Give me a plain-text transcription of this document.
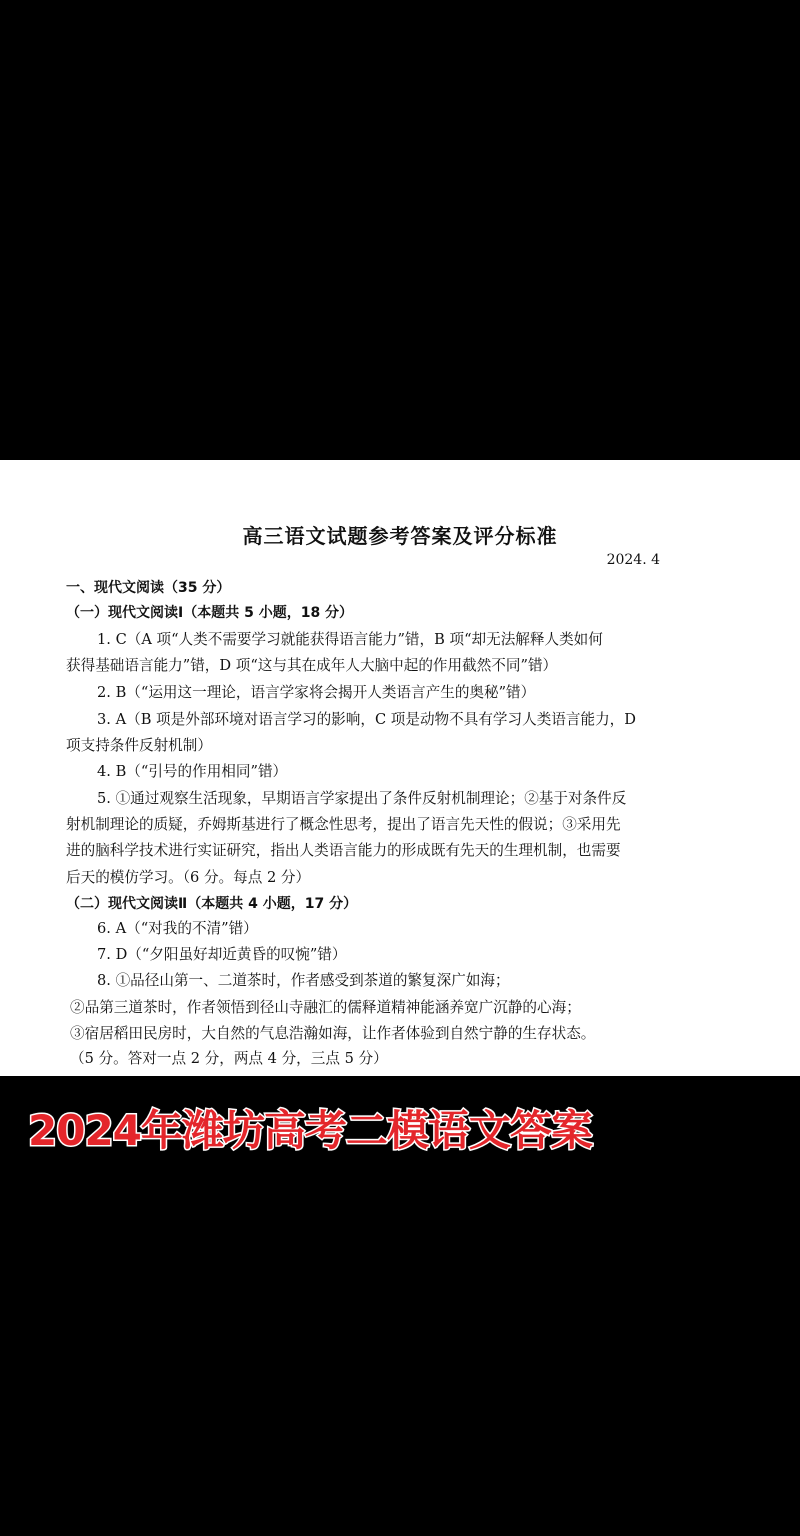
高三语文试题参考答案及评分标准
2024. 4
一、现代文阅读（35 分）
（一）现代文阅读Ⅰ（本题共 5 小题，18 分）
1. C（A 项“人类不需要学习就能获得语言能力”错，B 项“却无法解释人类如何
获得基础语言能力”错，D 项“这与其在成年人大脑中起的作用截然不同”错）
2. B（“运用这一理论，语言学家将会揭开人类语言产生的奥秘”错）
3. A（B 项是外部环境对语言学习的影响，C 项是动物不具有学习人类语言能力，D
项支持条件反射机制）
4. B（“引号的作用相同”错）
5. ①通过观察生活现象，早期语言学家提出了条件反射机制理论；②基于对条件反
射机制理论的质疑，乔姆斯基进行了概念性思考，提出了语言先天性的假说；③采用先
进的脑科学技术进行实证研究，指出人类语言能力的形成既有先天的生理机制，也需要
后天的模仿学习。（6 分。每点 2 分）
（二）现代文阅读Ⅱ（本题共 4 小题，17 分）
6. A（“对我的不清”错）
7. D（“夕阳虽好却近黄昏的叹惋”错）
8. ①品径山第一、二道茶时，作者感受到茶道的繁复深广如海；
②品第三道茶时，作者领悟到径山寺融汇的儒释道精神能涵养宽广沉静的心海；
③宿居稻田民房时，大自然的气息浩瀚如海，让作者体验到自然宁静的生存状态。
（5 分。答对一点 2 分，两点 4 分，三点 5 分）
2024年潍坊高考二模语文答案
